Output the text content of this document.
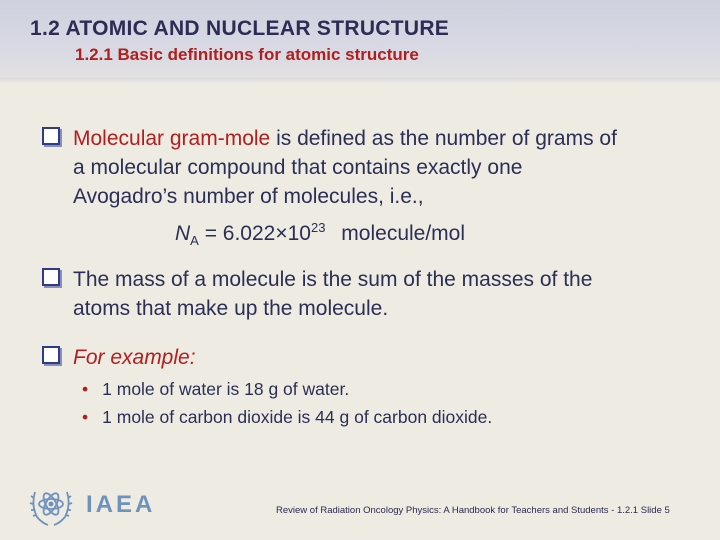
1.2 ATOMIC AND NUCLEAR STRUCTURE
1.2.1 Basic definitions for atomic structure

Molecular gram-mole is defined as the number of grams of
a molecular compound that contains exactly one
Avogadro’s number of molecules, i.e.,

$N_A = 6.022\times 10^{23}$ molecule/mol

The mass of a molecule is the sum of the masses of the
atoms that make up the molecule.

For example:

• 1 mole of water is 18 g of water.
• 1 mole of carbon dioxide is 44 g of carbon dioxide.
IAEA	Review of Radiation Oncology Physics: A Handbook for Teachers and Students - 1.2.1 Slide 5
